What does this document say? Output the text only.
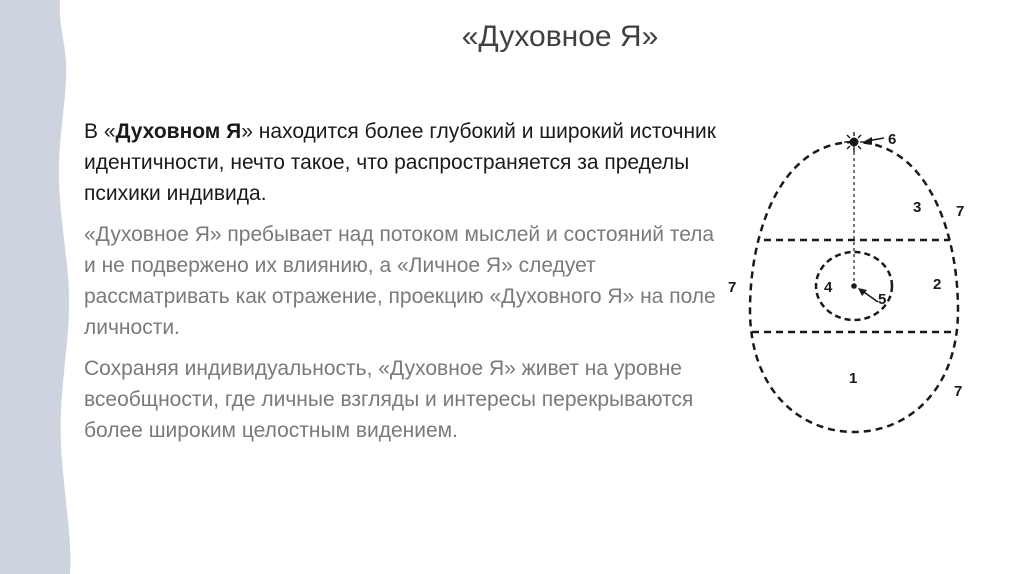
«Духовное Я»

В «Духовном Я» находится более глубокий и широкий источник идентичности, нечто такое, что распространяется за пределы психики индивида.

«Духовное Я» пребывает над потоком мыслей и состояний тела и не подвержено их влиянию, а «Личное Я» следует рассматривать как отражение, проекцию «Духовного Я» на поле личности.

Сохраняя индивидуальность, «Духовное Я» живет на уровне всеобщности, где личные взгляды и интересы перекрываются более широким целостным видением.

6
3 7
7	4
5
2
1
7
